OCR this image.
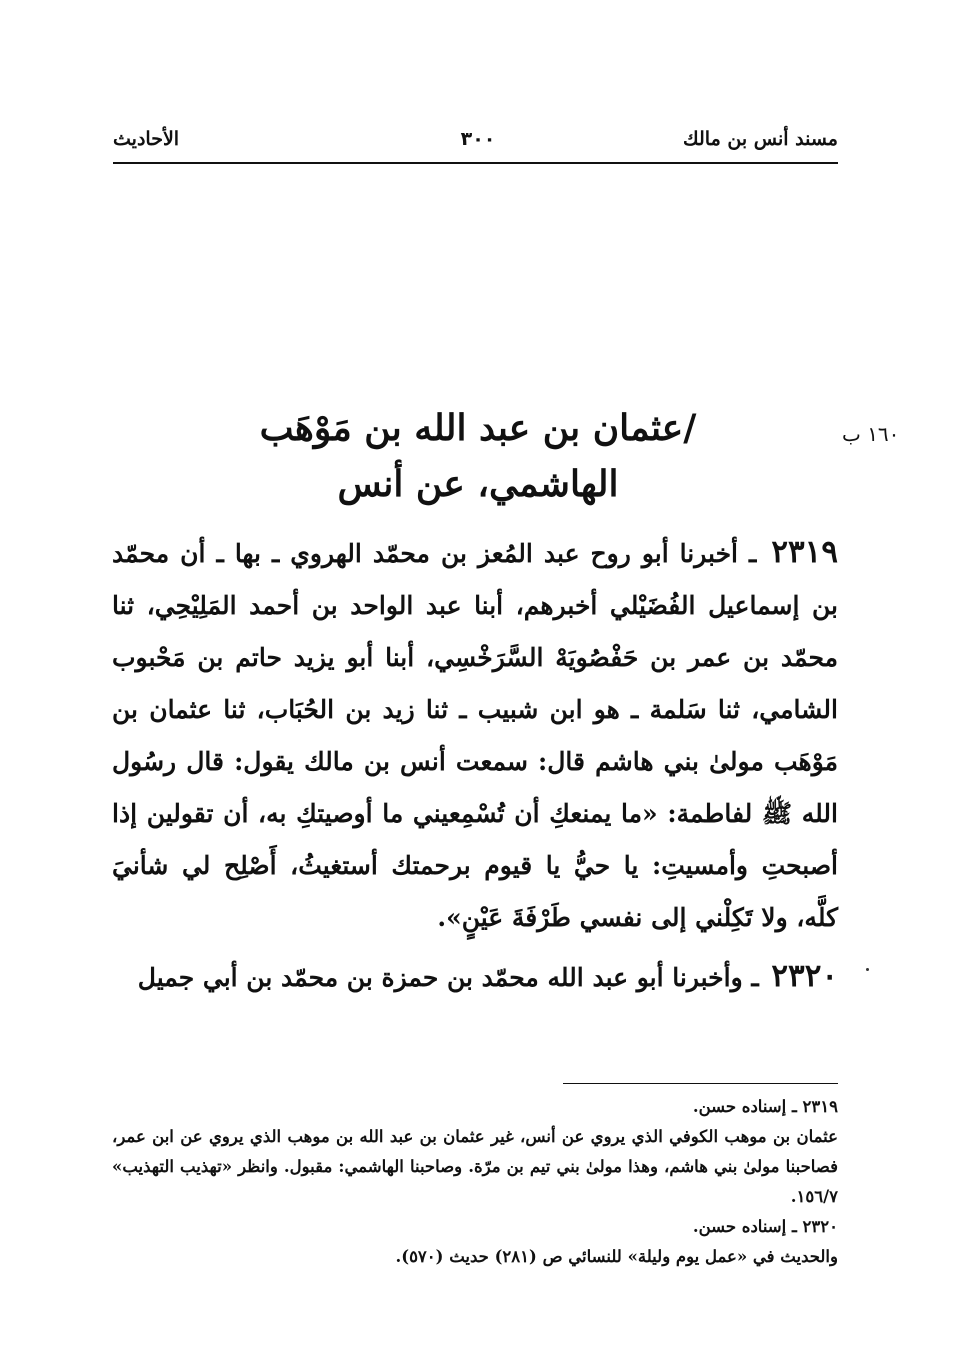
مسند أنس بن مالك
٣٠٠
الأحاديث
١٦٠ ب
/عثمان بن عبد الله بن مَوْهَب
الهاشمي، عن أنس

٢٣١٩ ـ أخبرنا أبو روح عبد المُعز بن محمّد الهروي ـ بها ـ أن محمّد بن إسماعيل الفُضَيْلي أخبرهم، أبنا عبد الواحد بن أحمد المَلِيْحِي، ثنا محمّد بن عمر بن حَفْصُويَهْ السَّرَخْسِي، أبنا أبو يزيد حاتم بن مَحْبوب الشامي، ثنا سَلمة ـ هو ابن شبيب ـ ثنا زيد بن الحُبَاب، ثنا عثمان بن مَوْهَب مولىٰ بني هاشم قال: سمعت أنس بن مالك يقول: قال رسُول الله ﷺ لفاطمة: «ما يمنعكِ أن تُسْمِعيني ما أوصيتكِ به، أن تقولين إذا أصبحتِ وأمسيتِ: يا حيُّ يا قيوم برحمتك أستغيثُ، أَصْلِح لي شأنيَ كلَّه، ولا تَكِلْني إلى نفسي طَرْفَةَ عَيْنٍ».

٢٣٢٠ ـ وأخبرنا أبو عبد الله محمّد بن حمزة بن محمّد بن أبي جميل

٢٣١٩ ـ إسناده حسن.

عثمان بن موهب الكوفي الذي يروي عن أنس، غير عثمان بن عبد الله بن موهب الذي يروي عن ابن عمر، فصاحبنا مولىٰ بني هاشم، وهذا مولىٰ بني تيم بن مرّة. وصاحبنا الهاشمي: مقبول. وانظر «تهذيب التهذيب» ١٥٦/٧.

٢٣٢٠ ـ إسناده حسن.

والحديث في «عمل يوم وليلة» للنسائي ص (٢٨١) حديث (٥٧٠).
